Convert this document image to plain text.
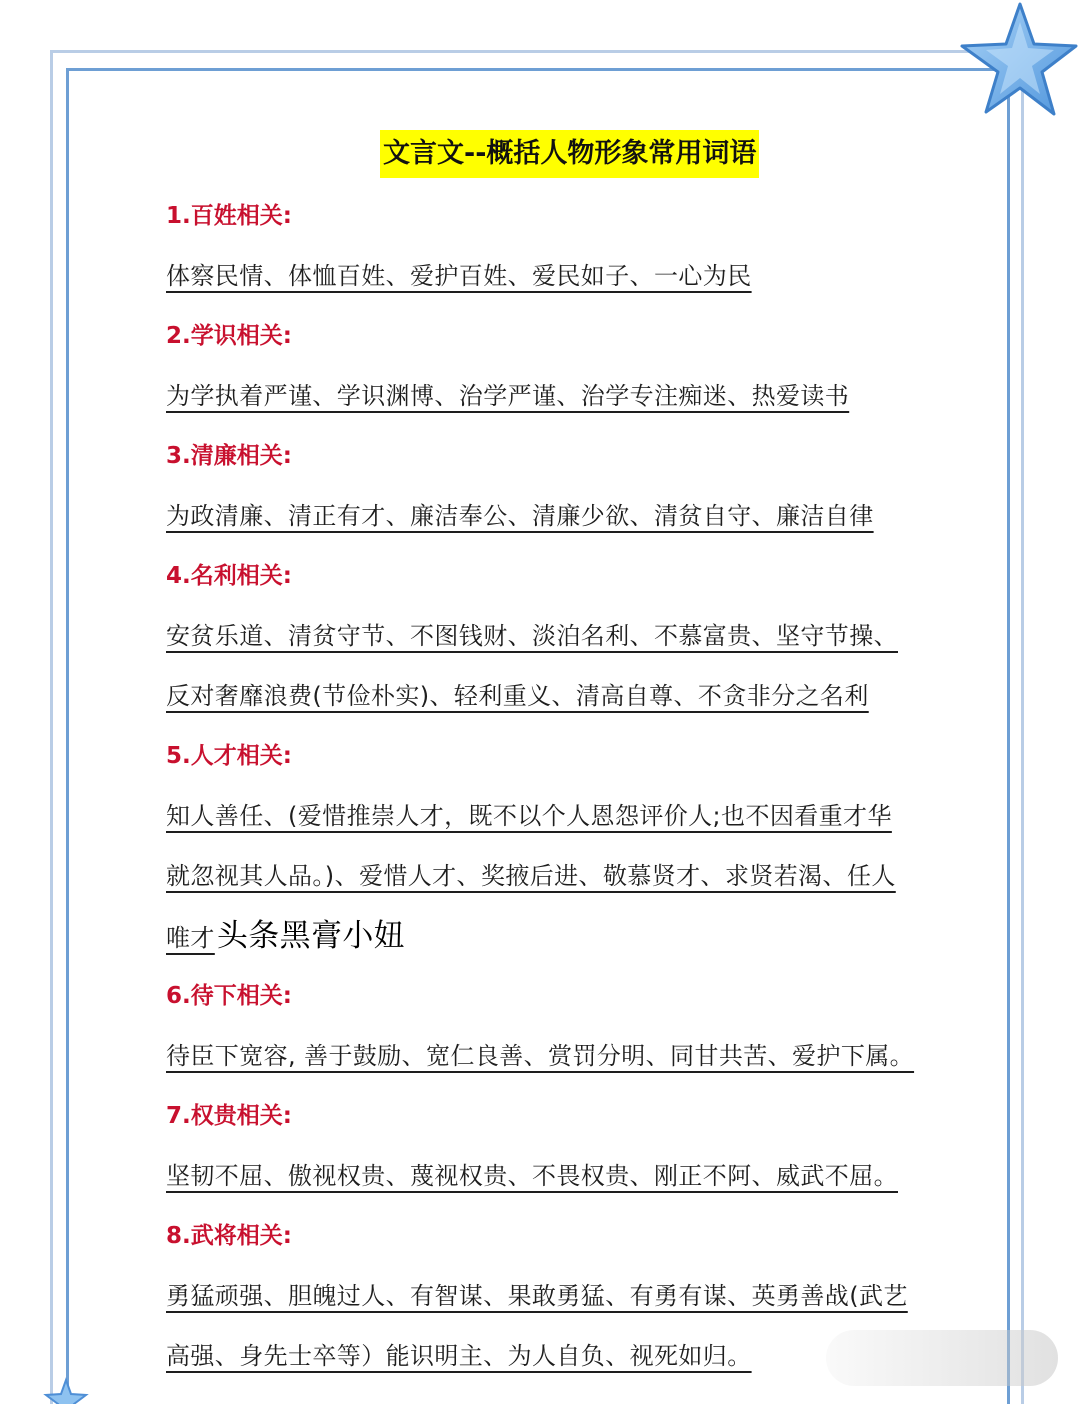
文言文--概括人物形象常用词语
1.百姓相关:
体察民情、体恤百姓、爱护百姓、爱民如子、一心为民
2.学识相关:
为学执着严谨、学识渊博、治学严谨、治学专注痴迷、热爱读书
3.清廉相关:
为政清廉、清正有才、廉洁奉公、清廉少欲、清贫自守、廉洁自律
4.名利相关:
安贫乐道、清贫守节、不图钱财、淡泊名利、不慕富贵、坚守节操、
反对奢靡浪费(节俭朴实)、轻利重义、清高自尊、不贪非分之名利
5.人才相关:
知人善任、(爱惜推崇人才，既不以个人恩怨评价人;也不因看重才华
就忽视其人品。)、爱惜人才、奖掖后进、敬慕贤才、求贤若渴、任人
唯才头条黑膏小妞
6.待下相关:
待臣下宽容, 善于鼓励、宽仁良善、赏罚分明、同甘共苦、爱护下属。
7.权贵相关:
坚韧不屈、傲视权贵、蔑视权贵、不畏权贵、刚正不阿、威武不屈。
8.武将相关:
勇猛顽强、胆魄过人、有智谋、果敢勇猛、有勇有谋、英勇善战(武艺
高强、身先士卒等）能识明主、为人自负、视死如归。
